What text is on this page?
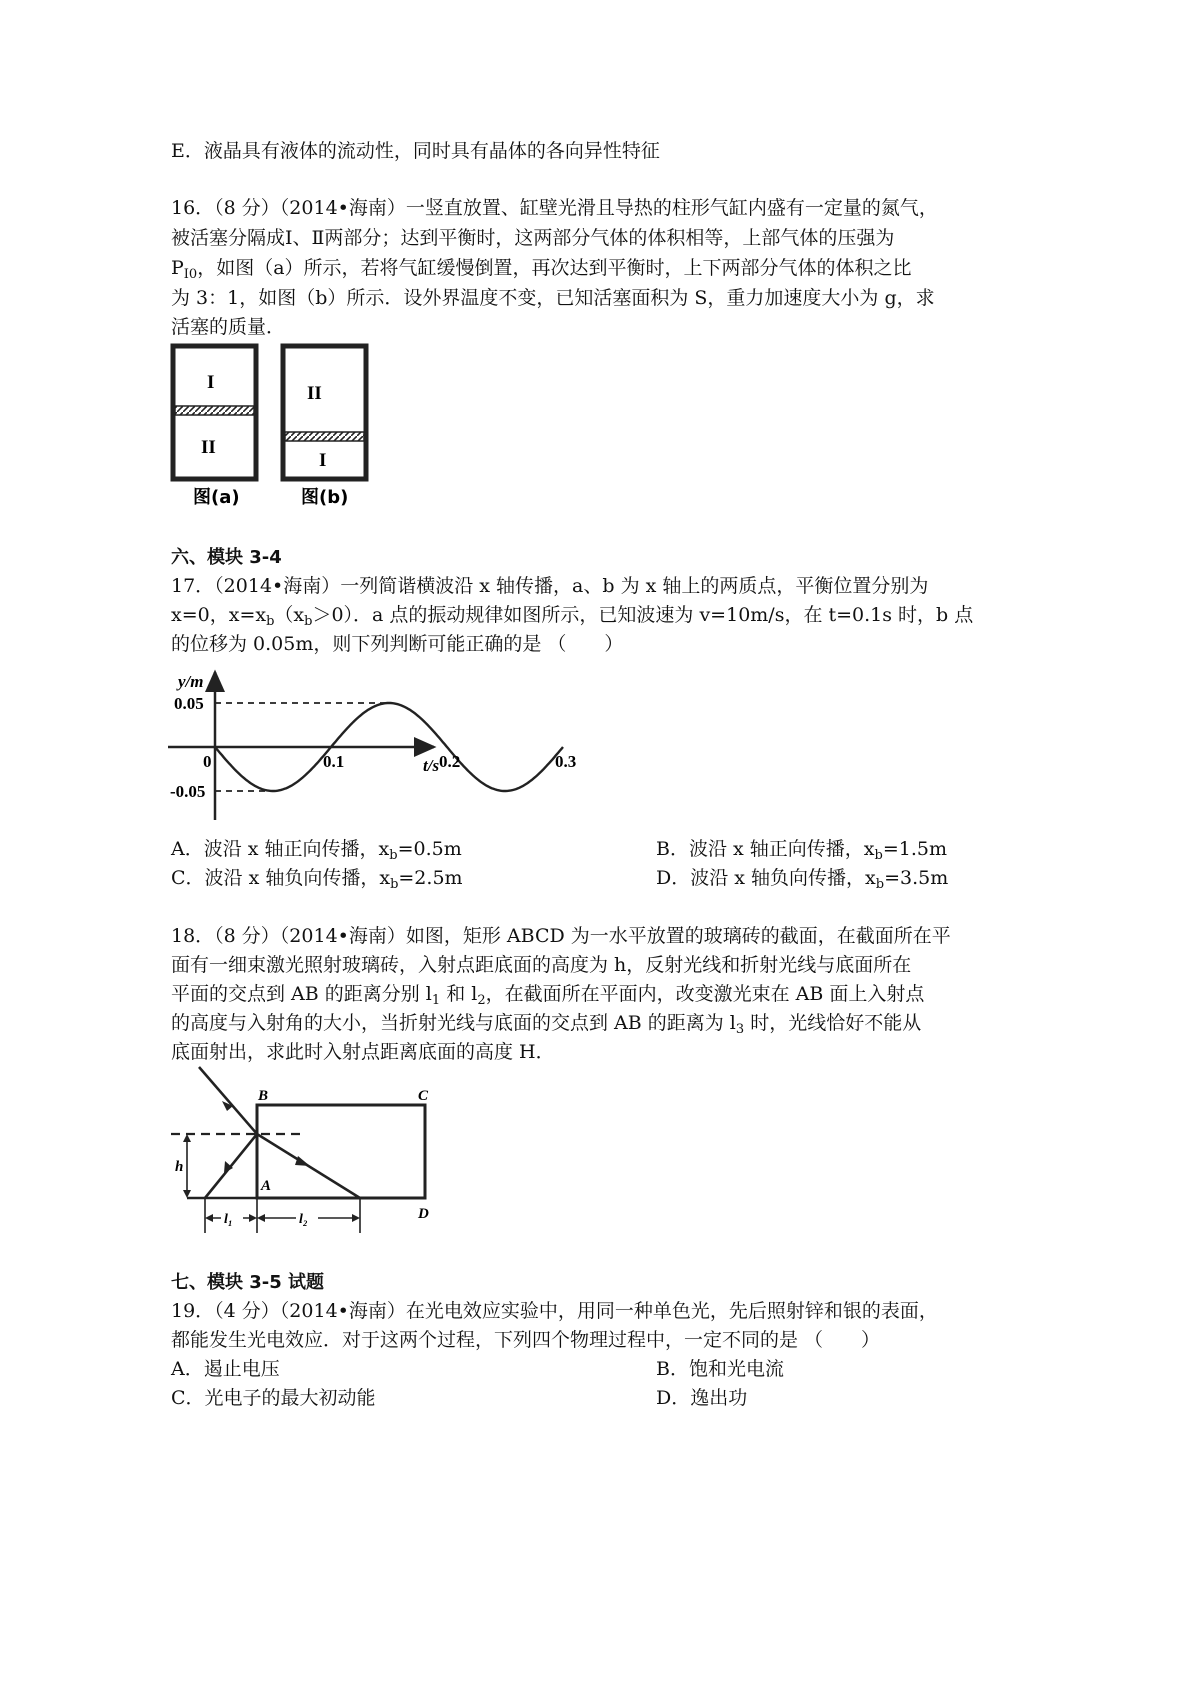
E．液晶具有液体的流动性，同时具有晶体的各向异性特征
16．（8 分）（2014•海南）一竖直放置、缸壁光滑且导热的柱形气缸内盛有一定量的氮气，
被活塞分隔成Ⅰ、Ⅱ两部分；达到平衡时，这两部分气体的体积相等，上部气体的压强为
$P_{Ⅰ0}$，如图（a）所示，若将气缸缓慢倒置，再次达到平衡时，上下两部分气体的体积之比
为 3：1，如图（b）所示．设外界温度不变，已知活塞面积为 S，重力加速度大小为 g，求
活塞的质量．
I
II
图(a)
II
I
图(b)
六、模块 3-4
17．（2014•海南）一列简谐横波沿 x 轴传播，a、b 为 x 轴上的两质点，平衡位置分别为
x=0，$x=x_b(x_b>0)$．a 点的振动规律如图所示，已知波速为 v=10m/s，在 t=0.1s 时，b 点
的位移为 0.05m，则下列判断可能正确的是 （　　）
y/m
t/s
0	0.1	0.2	0.3
0.05
-0.05
A．波沿 x 轴正向传播，$x_b=0.5m$	B．波沿 x 轴正向传播，$x_b=1.5m$
C．波沿 x 轴负向传播，$x_b=2.5m$	D．波沿 x 轴负向传播，$x_b=3.5m$
18．（8 分）（2014•海南）如图，矩形 ABCD 为一水平放置的玻璃砖的截面，在截面所在平
面有一细束激光照射玻璃砖，入射点距底面的高度为 h，反射光线和折射光线与底面所在
平面的交点到 AB 的距离分别 $l_1$ 和 $l_2$，在截面所在平面内，改变激光束在 AB 面上入射点
的高度与入射角的大小，当折射光线与底面的交点到 AB 的距离为 $l_3$ 时，光线恰好不能从
底面射出，求此时入射点距离底面的高度 H．
B	C
A
D
h
l₁	l₂
七、模块 3-5 试题
19．（4 分）（2014•海南）在光电效应实验中，用同一种单色光，先后照射锌和银的表面，
都能发生光电效应．对于这两个过程，下列四个物理过程中，一定不同的是 （　　）
A．遏止电压	B．饱和光电流
C．光电子的最大初动能	D．逸出功
